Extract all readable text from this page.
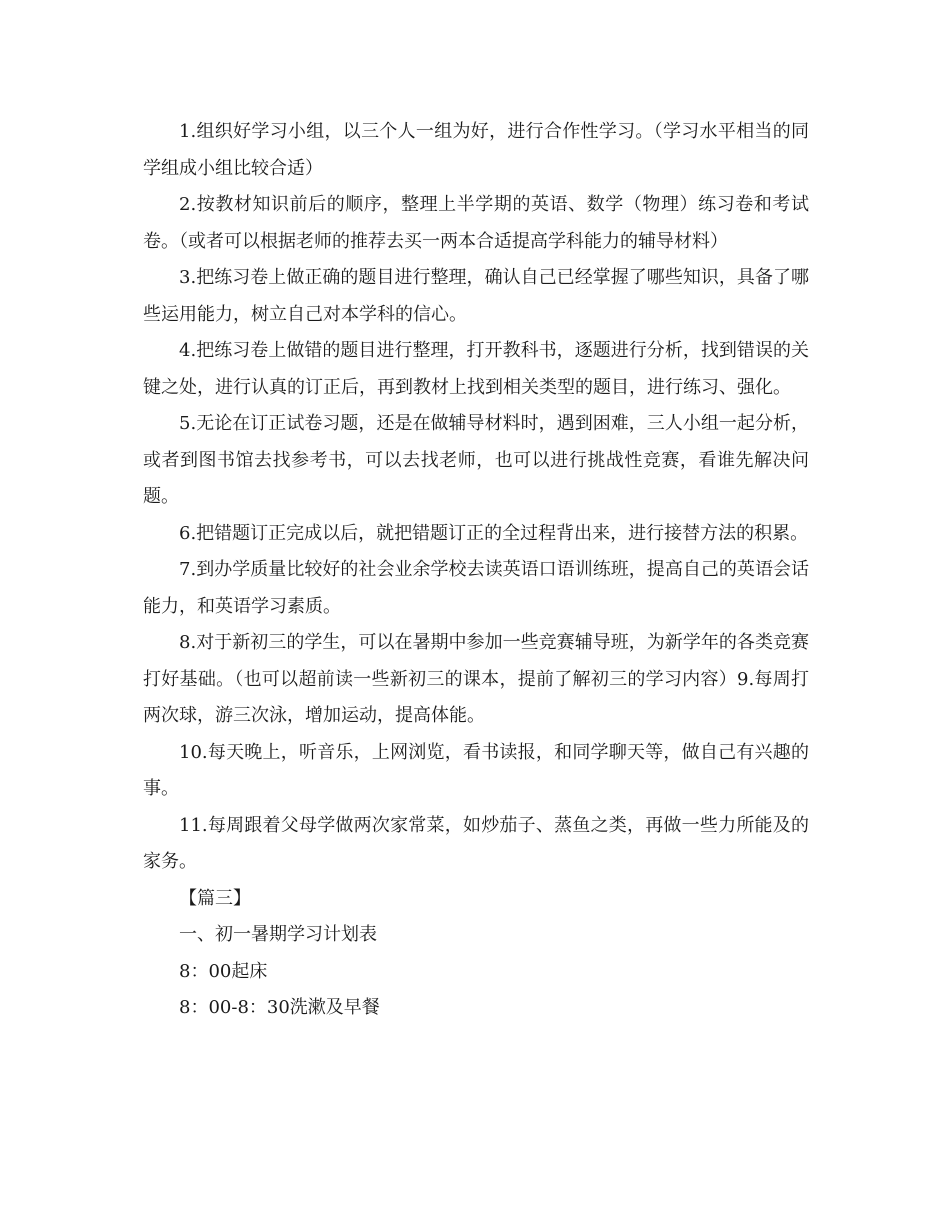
1.组织好学习小组，以三个人一组为好，进行合作性学习。（学习水平相当的同学组成小组比较合适）

2.按教材知识前后的顺序，整理上半学期的英语、数学（物理）练习卷和考试卷。（或者可以根据老师的推荐去买一两本合适提高学科能力的辅导材料）

3.把练习卷上做正确的题目进行整理，确认自己已经掌握了哪些知识，具备了哪些运用能力，树立自己对本学科的信心。

4.把练习卷上做错的题目进行整理，打开教科书，逐题进行分析，找到错误的关键之处，进行认真的订正后，再到教材上找到相关类型的题目，进行练习、强化。

5.无论在订正试卷习题，还是在做辅导材料时，遇到困难，三人小组一起分析，或者到图书馆去找参考书，可以去找老师，也可以进行挑战性竞赛，看谁先解决问题。

6.把错题订正完成以后，就把错题订正的全过程背出来，进行接替方法的积累。

7.到办学质量比较好的社会业余学校去读英语口语训练班，提高自己的英语会话能力，和英语学习素质。

8.对于新初三的学生，可以在暑期中参加一些竞赛辅导班，为新学年的各类竞赛打好基础。（也可以超前读一些新初三的课本，提前了解初三的学习内容）9.每周打两次球，游三次泳，增加运动，提高体能。

10.每天晚上，听音乐，上网浏览，看书读报，和同学聊天等，做自己有兴趣的事。

11.每周跟着父母学做两次家常菜，如炒茄子、蒸鱼之类，再做一些力所能及的家务。

【篇三】

一、初一暑期学习计划表

8：00起床

8：00-8：30洗漱及早餐
